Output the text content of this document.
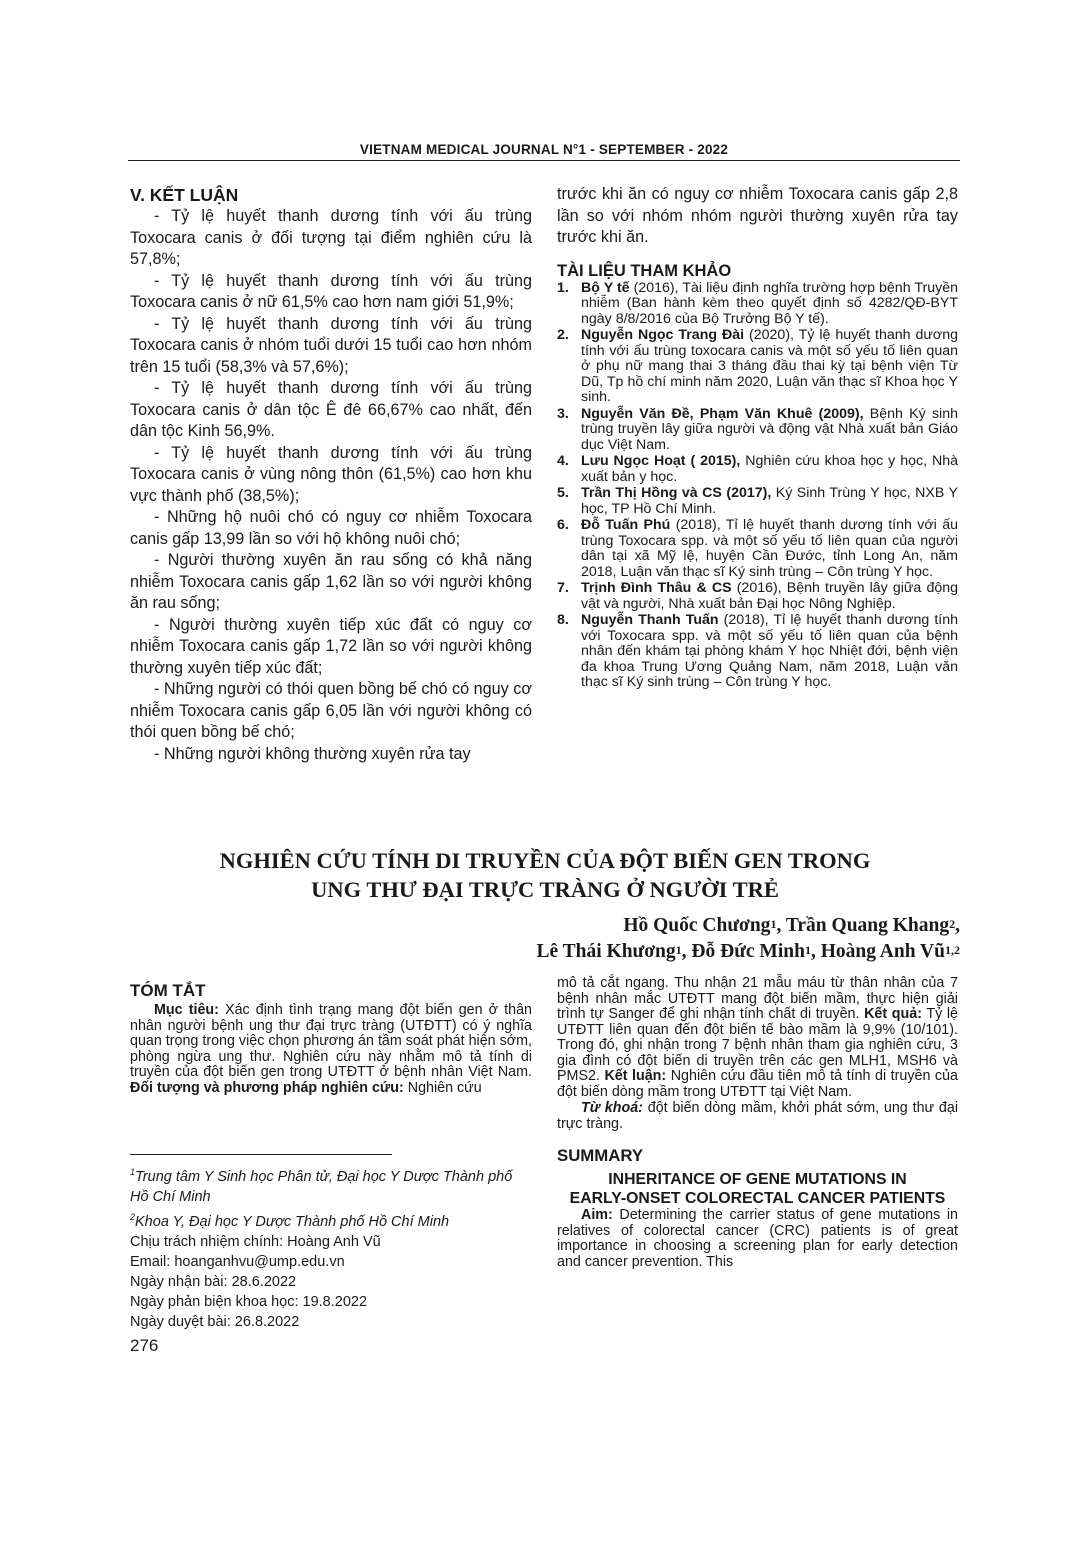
VIETNAM MEDICAL JOURNAL N°1 - SEPTEMBER - 2022
V. KẾT LUẬN
- Tỷ lệ huyết thanh dương tính với ấu trùng Toxocara canis ở đối tượng tại điểm nghiên cứu là 57,8%;
- Tỷ lệ huyết thanh dương tính với ấu trùng Toxocara canis ở nữ 61,5% cao hơn nam giới 51,9%;
- Tỷ lệ huyết thanh dương tính với ấu trùng Toxocara canis ở nhóm tuổi dưới 15 tuổi cao hơn nhóm trên 15 tuổi (58,3% và 57,6%);
- Tỷ lệ huyết thanh dương tính với ấu trùng Toxocara canis ở dân tộc Ê đê 66,67% cao nhất, đến dân tộc Kinh 56,9%.
- Tỷ lệ huyết thanh dương tính với ấu trùng Toxocara canis ở vùng nông thôn (61,5%) cao hơn khu vực thành phố (38,5%);
- Những hộ nuôi chó có nguy cơ nhiễm Toxocara canis gấp 13,99 lần so với hộ không nuôi chó;
- Người thường xuyên ăn rau sống có khả năng nhiễm Toxocara canis gấp 1,62 lần so với người không ăn rau sống;
- Người thường xuyên tiếp xúc đất có nguy cơ nhiễm Toxocara canis gấp 1,72 lần so với người không thường xuyên tiếp xúc đất;
- Những người có thói quen bồng bế chó có nguy cơ nhiễm Toxocara canis gấp 6,05 lần với người không có thói quen bồng bế chó;
- Những người không thường xuyên rửa tay
trước khi ăn có nguy cơ nhiễm Toxocara canis gấp 2,8 lần so với nhóm nhóm người thường xuyên rửa tay trước khi ăn.
TÀI LIỆU THAM KHẢO
1. Bộ Y tế (2016), Tài liệu định nghĩa trường hợp bệnh Truyền nhiễm (Ban hành kèm theo quyết định số 4282/QĐ-BYT ngày 8/8/2016 của Bộ Trưởng Bộ Y tế).
2. Nguyễn Ngọc Trang Đài (2020), Tỷ lệ huyết thanh dương tính với ấu trùng toxocara canis và một số yếu tố liên quan ở phụ nữ mang thai 3 tháng đầu thai kỳ tại bệnh viện Từ Dũ, Tp hồ chí minh năm 2020, Luận văn thạc sĩ Khoa học Y sinh.
3. Nguyễn Văn Đề, Phạm Văn Khuê (2009), Bệnh Ký sinh trùng truyền lây giữa người và động vật Nhà xuất bản Giáo dục Việt Nam.
4. Lưu Ngọc Hoạt ( 2015), Nghiên cứu khoa học y học, Nhà xuất bản y học.
5. Trần Thị Hồng và CS (2017), Ký Sinh Trùng Y học, NXB Y học, TP Hồ Chí Minh.
6. Đỗ Tuấn Phú (2018), Tỉ lệ huyết thanh dương tính với ấu trùng Toxocara spp. và một số yếu tố liên quan của người dân tại xã Mỹ lệ, huyện Cần Đước, tỉnh Long An, năm 2018, Luận văn thạc sĩ Ký sinh trùng – Côn trùng Y học.
7. Trịnh Đình Thâu & CS (2016), Bệnh truyền lây giữa động vật và người, Nhà xuất bản Đại học Nông Nghiệp.
8. Nguyễn Thanh Tuấn (2018), Tỉ lệ huyết thanh dương tính với Toxocara spp. và một số yếu tố liên quan của bệnh nhân đến khám tại phòng khám Y học Nhiệt đới, bệnh viện đa khoa Trung Ương Quảng Nam, năm 2018, Luận văn thạc sĩ Ký sinh trùng – Côn trùng Y học.
NGHIÊN CỨU TÍNH DI TRUYỀN CỦA ĐỘT BIẾN GEN TRONG
UNG THƯ ĐẠI TRỰC TRÀNG Ở NGƯỜI TRẺ
Hồ Quốc Chương$^1$, Trần Quang Khang$^2$,
Lê Thái Khương$^1$, Đỗ Đức Minh$^1$, Hoàng Anh Vũ$^{1,2}$
TÓM TẮT
Mục tiêu: Xác định tình trạng mang đột biến gen ở thân nhân người bệnh ung thư đại trực tràng (UTĐTT) có ý nghĩa quan trọng trong việc chọn phương án tầm soát phát hiện sớm, phòng ngừa ung thư. Nghiên cứu này nhằm mô tả tính di truyền của đột biến gen trong UTĐTT ở bệnh nhân Việt Nam. Đối tượng và phương pháp nghiên cứu: Nghiên cứu
$^1$Trung tâm Y Sinh học Phân tử, Đại học Y Dược Thành phố Hồ Chí Minh
$^2$Khoa Y, Đại học Y Dược Thành phố Hồ Chí Minh
Chịu trách nhiệm chính: Hoàng Anh Vũ
Email: hoanganhvu@ump.edu.vn
Ngày nhận bài: 28.6.2022
Ngày phản biện khoa học: 19.8.2022
Ngày duyệt bài: 26.8.2022
mô tả cắt ngang. Thu nhận 21 mẫu máu từ thân nhân của 7 bệnh nhân mắc UTĐTT mang đột biến mầm, thực hiện giải trình tự Sanger để ghi nhận tính chất di truyền. Kết quả: Tỷ lệ UTĐTT liên quan đến đột biến tế bào mầm là 9,9% (10/101). Trong đó, ghi nhận trong 7 bệnh nhân tham gia nghiên cứu, 3 gia đình có đột biến di truyền trên các gen MLH1, MSH6 và PMS2. Kết luận: Nghiên cứu đầu tiên mô tả tính di truyền của đột biến dòng mầm trong UTĐTT tại Việt Nam.
Từ khoá: đột biến dòng mầm, khởi phát sớm, ung thư đại trực tràng.
SUMMARY
INHERITANCE OF GENE MUTATIONS IN
EARLY-ONSET COLORECTAL CANCER PATIENTS
Aim: Determining the carrier status of gene mutations in relatives of colorectal cancer (CRC) patients is of great importance in choosing a screening plan for early detection and cancer prevention. This
276
